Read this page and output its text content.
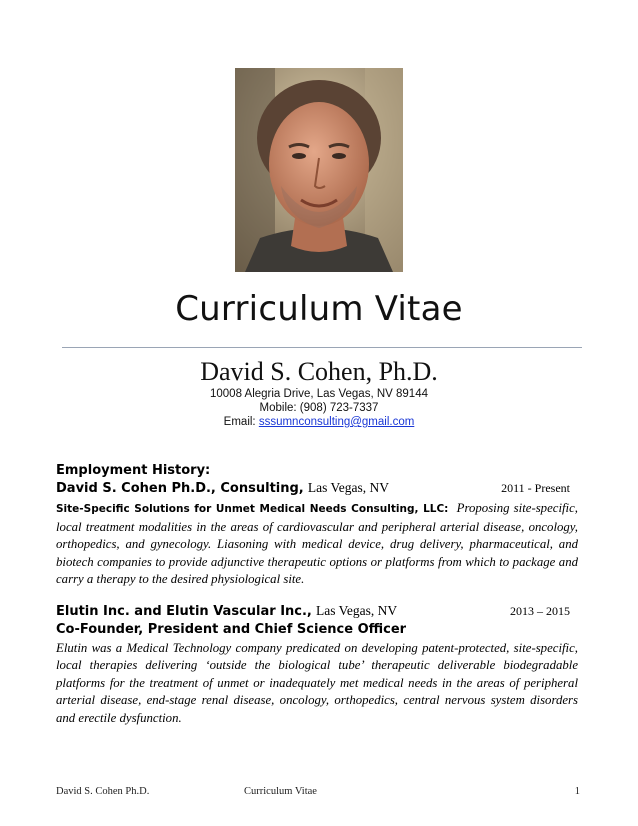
Curriculum Vitae
David S. Cohen, Ph.D.
10008 Alegria Drive, Las Vegas, NV 89144
Mobile: (908) 723-7337
Email: sssumnconsulting@gmail.com
Employment History:
David S. Cohen Ph.D., Consulting, Las Vegas, NV	2011 - Present

Site-Specific Solutions for Unmet Medical Needs Consulting, LLC: Proposing site-specific, local treatment modalities in the areas of cardiovascular and peripheral arterial disease, oncology, orthopedics, and gynecology. Liasoning with medical device, drug delivery, pharmaceutical, and biotech companies to provide adjunctive therapeutic options or platforms from which to package and carry a therapy to the desired physiological site.

Elutin Inc. and Elutin Vascular Inc., Las Vegas, NV	2013 – 2015
Co-Founder, President and Chief Science Officer

Elutin was a Medical Technology company predicated on developing patent-protected, site-specific, local therapies delivering ‘outside the biological tube’ therapeutic deliverable biodegradable platforms for the treatment of unmet or inadequately met medical needs in the areas of peripheral arterial disease, end-stage renal disease, oncology, orthopedics, central nervous system disorders and erectile dysfunction.

David S. Cohen Ph.D.	Curriculum Vitae	1
